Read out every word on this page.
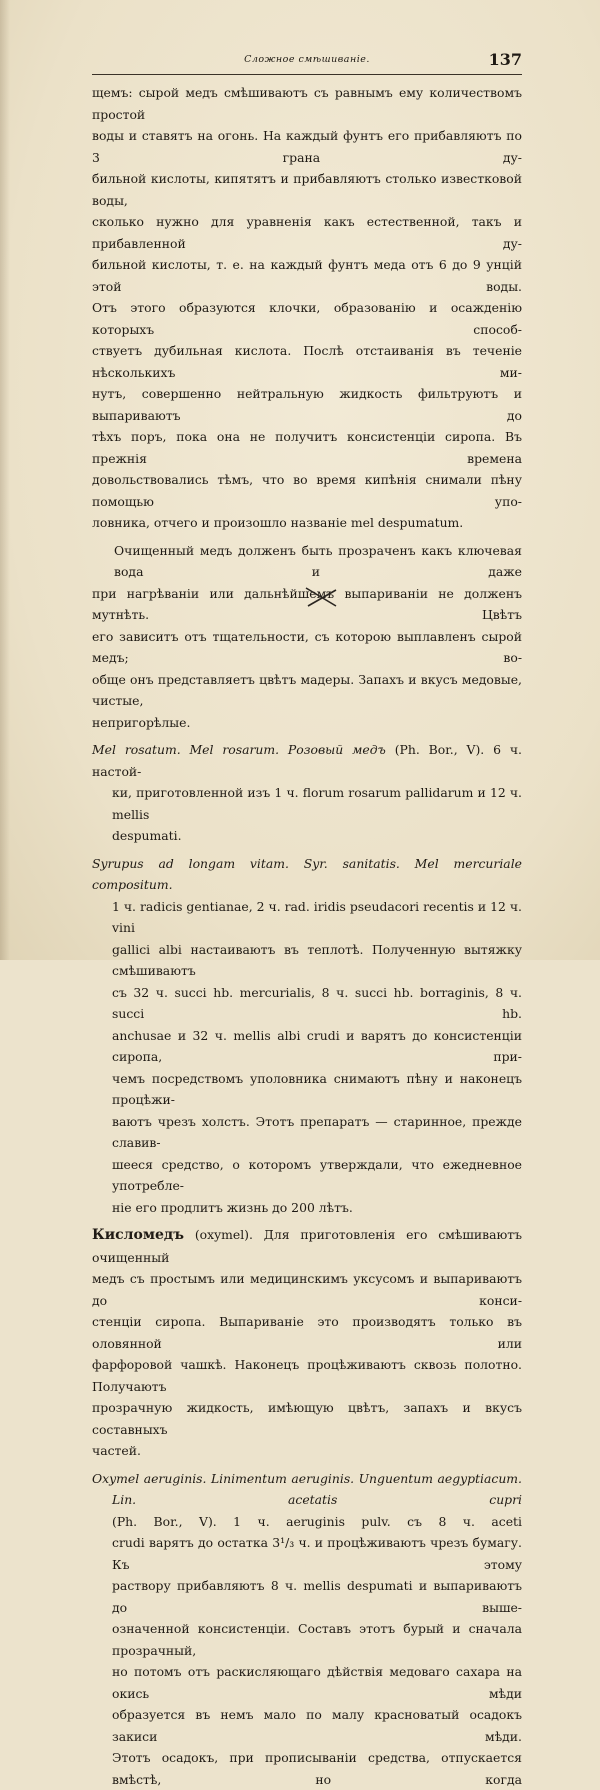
Сложное смѣшиваніе.	137

щемъ: сырой медъ смѣшиваютъ съ равнымъ ему количествомъ простой
воды и ставятъ на огонь. На каждый фунтъ его прибавляютъ по 3 грана ду-
бильной кислоты, кипятятъ и прибавляютъ столько известковой воды,
сколько нужно для уравненія какъ естественной, такъ и прибавленной ду-
бильной кислоты, т. е. на каждый фунтъ меда отъ 6 до 9 унцій этой воды.
Отъ этого образуются клочки, образованію и осажденію которыхъ способ-
ствуетъ дубильная кислота. Послѣ отстаиванія въ теченіе нѣсколькихъ ми-
нутъ, совершенно нейтральную жидкость фильтруютъ и выпариваютъ до
тѣхъ поръ, пока она не получитъ консистенціи сиропа. Въ прежнія времена
довольствовались тѣмъ, что во время кипѣнія снимали пѣну помощью упо-
ловника, отчего и произошло названіе mel despumatum.

Очищенный медъ долженъ быть прозраченъ какъ ключевая вода и даже
при нагрѣваніи или дальнѣйшемъ выпариваніи не долженъ мутнѣть. Цвѣтъ
его зависитъ отъ тщательности, съ которою выплавленъ сырой медъ; во-
обще онъ представляетъ цвѣтъ мадеры. Запахъ и вкусъ медовые, чистые,
непригорѣлые.

Mel rosatum. Mel rosarum. Розовый медъ (Ph. Bor., V). 6 ч. настой-
ки, приготовленной изъ 1 ч. florum rosarum pallidarum и 12 ч. mellis
despumati.
Syrupus ad longam vitam. Syr. sanitatis. Mel mercuriale compositum.
1 ч. radicis gentianae, 2 ч. rad. iridis pseudacori recentis и 12 ч. vini
gallici albi настаиваютъ въ теплотѣ. Полученную вытяжку смѣшиваютъ
съ 32 ч. succi hb. mercurialis, 8 ч. succi hb. borraginis, 8 ч. succi hb.
anchusae и 32 ч. mellis albi crudi и варятъ до консистенціи сиропа, при-
чемъ посредствомъ уполовника снимаютъ пѣну и наконецъ процѣжи-
ваютъ чрезъ холстъ. Этотъ препаратъ — старинное, прежде славив-
шееся средство, о которомъ утверждали, что ежедневное употребле-
ніе его продлитъ жизнь до 200 лѣтъ.

Кисломедъ (oxymel). Для приготовленія его смѣшиваютъ очищенный
медъ съ простымъ или медицинскимъ уксусомъ и выпариваютъ до конси-
стенціи сиропа. Выпариваніе это производятъ только въ оловянной или
фарфоровой чашкѣ. Наконецъ процѣживаютъ сквозь полотно. Получаютъ
прозрачную жидкость, имѣющую цвѣтъ, запахъ и вкусъ составныхъ
частей.

Oxymel aeruginis. Linimentum aeruginis. Unguentum aegyptiacum.
Lin. acetatis cupri
(Ph. Bor., V). 1 ч. aeruginis pulv. съ 8 ч. aceti
crudi варятъ до остатка 3¹/₃ ч. и процѣживаютъ чрезъ бумагу. Къ этому
раствору прибавляютъ 8 ч. mellis despumati и выпариваютъ до выше-
означенной консистенціи. Составъ этотъ бурый и сначала прозрачный,
но потомъ отъ раскисляющаго дѣйствія медоваго сахара на окись мѣди
образуется въ немъ мало по малу красноватый осадокъ закиси мѣди.
Этотъ осадокъ, при прописываніи средства, отпускается вмѣстѣ, но когда
